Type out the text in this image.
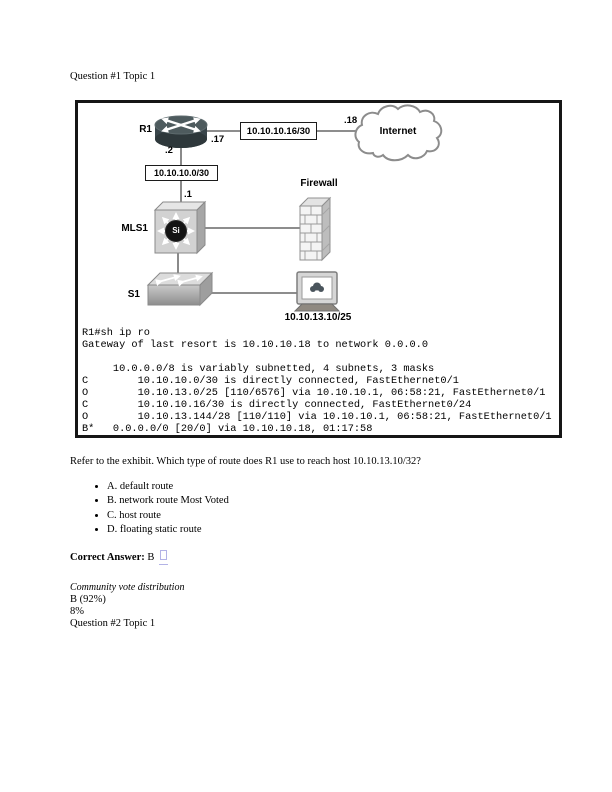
Question #1 Topic 1
R1
.17
.2
10.10.10.16/30
.18
Internet
10.10.10.0/30
.1
Firewall
MLS1	Si
S1
10.10.13.10/25
R1#sh ip ro
Gateway of last resort is 10.10.10.18 to network 0.0.0.0
10.0.0.0/8 is variably subnetted, 4 subnets, 3 masks
C        10.10.10.0/30 is directly connected, FastEthernet0/1
O        10.10.13.0/25 [110/6576] via 10.10.10.1, 06:58:21, FastEthernet0/1
C        10.10.10.16/30 is directly connected, FastEthernet0/24
O        10.10.13.144/28 [110/110] via 10.10.10.1, 06:58:21, FastEthernet0/1
B*   0.0.0.0/0 [20/0] via 10.10.10.18, 01:17:58
Refer to the exhibit. Which type of route does R1 use to reach host 10.10.13.10/32?
• A. default route
• B. network route Most Voted
• C. host route
• D. floating static route
Correct Answer: B
Community vote distribution
B (92%)
8%
Question #2 Topic 1
